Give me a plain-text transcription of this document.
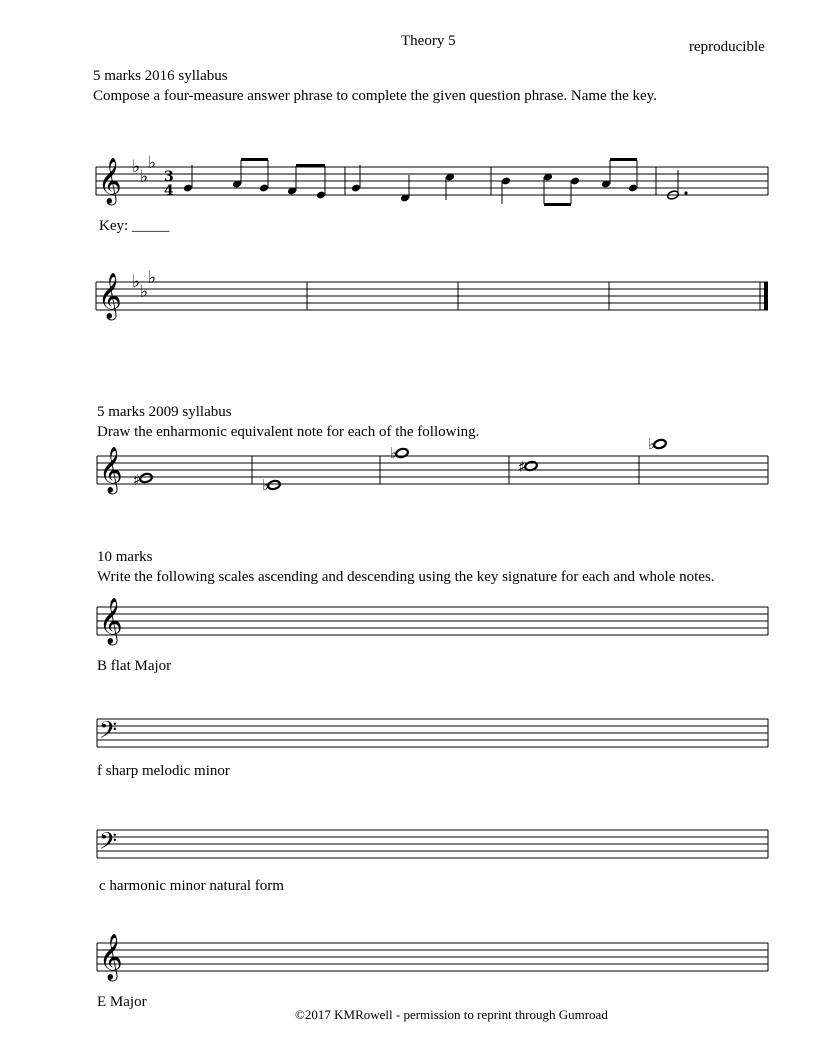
Theory 5	reproducible
5 marks 2016 syllabus
Compose a four-measure answer phrase to complete the given question phrase. Name the key.
𝄞 ♭ ♭
♭
3
4
Key: _____
𝄞 ♭ ♭
♭
5 marks 2009 syllabus
Draw the enharmonic equivalent note for each of the following.
𝄞 ♯	♭
♭
♯
♭
10 marks
Write the following scales ascending and descending using the key signature for each and whole notes.
𝄞
B flat Major
𝄢
f sharp melodic minor
𝄢
c harmonic minor natural form
𝄞
E Major
©2017 KMRowell - permission to reprint through Gumroad
